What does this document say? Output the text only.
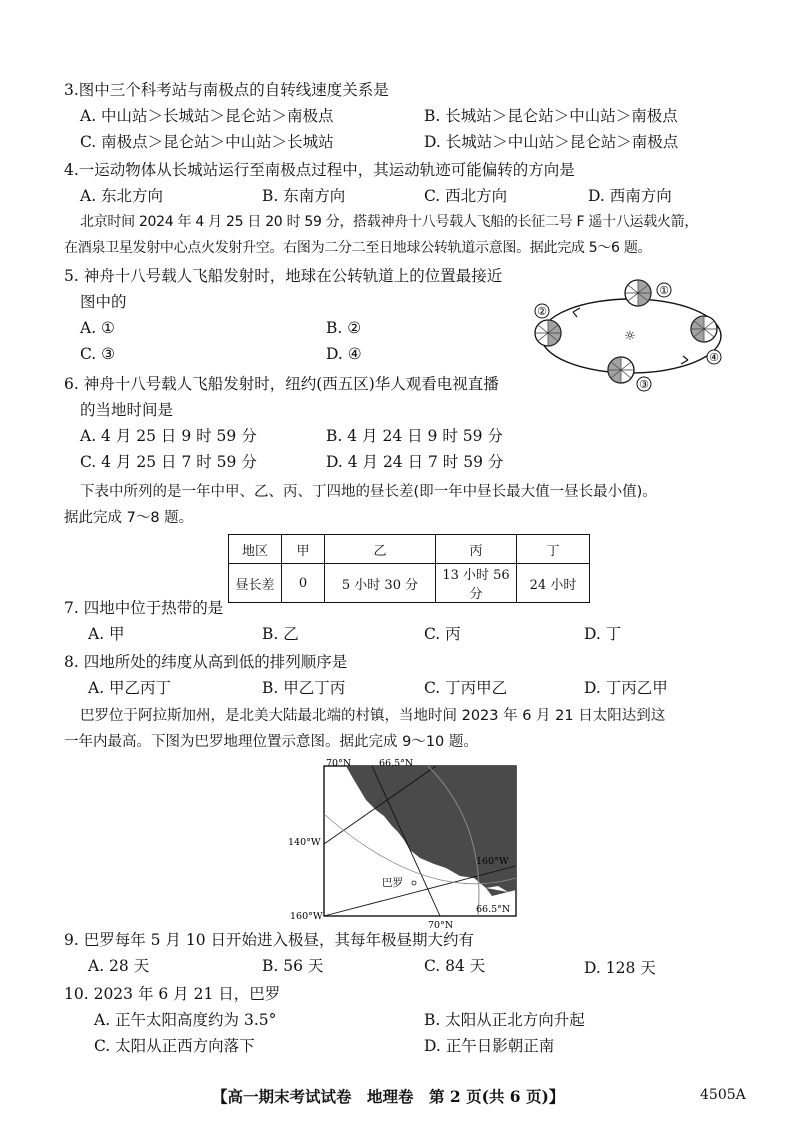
3.图中三个科考站与南极点的自转线速度关系是
A. 中山站＞长城站＞昆仑站＞南极点	B. 长城站＞昆仑站＞中山站＞南极点
C. 南极点＞昆仑站＞中山站＞长城站	D. 长城站＞中山站＞昆仑站＞南极点
4.一运动物体从长城站运行至南极点过程中，其运动轨迹可能偏转的方向是
A. 东北方向	B. 东南方向	C. 西北方向	D. 西南方向
北京时间 2024 年 4 月 25 日 20 时 59 分，搭载神舟十八号载人飞船的长征二号 F 遥十八运载火箭，
在酒泉卫星发射中心点火发射升空。右图为二分二至日地球公转轨道示意图。据此完成 5～6 题。
5. 神舟十八号载人飞船发射时，地球在公转轨道上的位置最接近
图中的
A. ①	B. ②
C. ③	D. ④
☼
①
②
③
④
6. 神舟十八号载人飞船发射时，纽约(西五区)华人观看电视直播
的当地时间是
A. 4 月 25 日 9 时 59 分	B. 4 月 24 日 9 时 59 分
C. 4 月 25 日 7 时 59 分	D. 4 月 24 日 7 时 59 分
下表中所列的是一年中甲、乙、丙、丁四地的昼长差(即一年中昼长最大值一昼长最小值)。
据此完成 7～8 题。
地区	甲	乙	丙	丁
昼长差	0	5 小时 30 分	13 小时 56 分	24 小时
7. 四地中位于热带的是
A. 甲	B. 乙	C. 丙	D. 丁
8. 四地所处的纬度从高到低的排列顺序是
A. 甲乙丙丁	B. 甲乙丁丙	C. 丁丙甲乙	D. 丁丙乙甲
巴罗位于阿拉斯加州，是北美大陆最北端的村镇，当地时间 2023 年 6 月 21 日太阳达到这
一年内最高。下图为巴罗地理位置示意图。据此完成 9～10 题。
70°N	66.5°N
140°W
160°W
巴罗
66.5°N
160°W
70°N
9. 巴罗每年 5 月 10 日开始进入极昼，其每年极昼期大约有
A. 28 天	B. 56 天	C. 84 天	D. 128 天
10. 2023 年 6 月 21 日，巴罗
A. 正午太阳高度约为 3.5°	B. 太阳从正北方向升起
C. 太阳从正西方向落下	D. 正午日影朝正南
【高一期末考试试卷　地理卷　第 2 页(共 6 页)】	4505A
